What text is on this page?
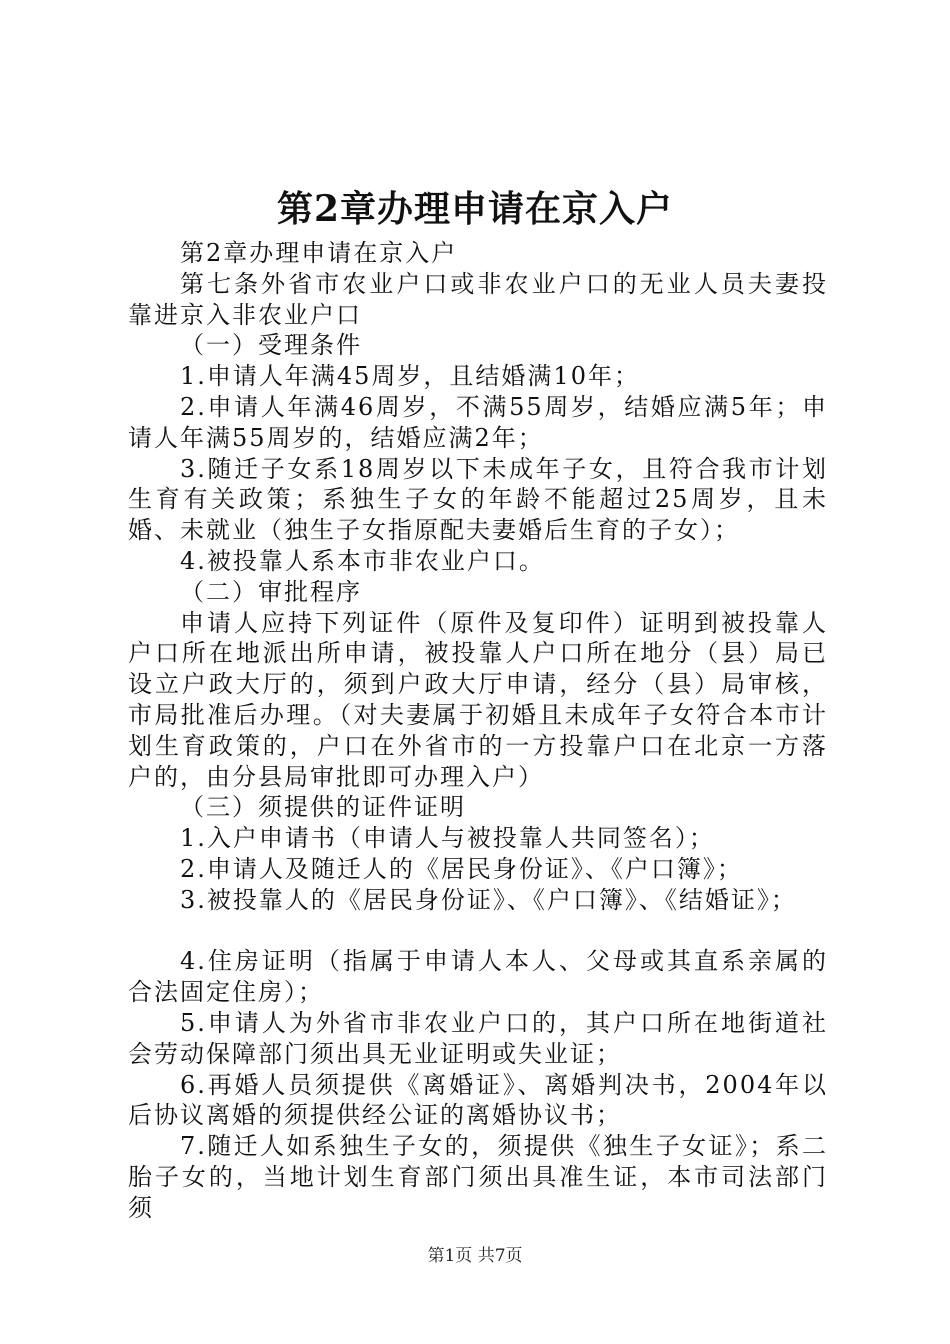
第2章办理申请在京入户

第2章办理申请在京入户

第七条外省市农业户口或非农业户口的无业人员夫妻投靠进京入非农业户口

（一）受理条件

1.申请人年满45周岁，且结婚满10年；

2.申请人年满46周岁，不满55周岁，结婚应满5年；申请人年满55周岁的，结婚应满2年；

3.随迁子女系18周岁以下未成年子女，且符合我市计划生育有关政策；系独生子女的年龄不能超过25周岁，且未婚、未就业（独生子女指原配夫妻婚后生育的子女）；

4.被投靠人系本市非农业户口。

（二）审批程序

申请人应持下列证件（原件及复印件）证明到被投靠人户口所在地派出所申请，被投靠人户口所在地分（县）局已设立户政大厅的，须到户政大厅申请，经分（县）局审核，市局批准后办理。（对夫妻属于初婚且未成年子女符合本市计划生育政策的，户口在外省市的一方投靠户口在北京一方落户的，由分县局审批即可办理入户）

（三）须提供的证件证明

1.入户申请书（申请人与被投靠人共同签名）；

2.申请人及随迁人的《居民身份证》、《户口簿》；

3.被投靠人的《居民身份证》、《户口簿》、《结婚证》；

4.住房证明（指属于申请人本人、父母或其直系亲属的合法固定住房）；

5.申请人为外省市非农业户口的，其户口所在地街道社会劳动保障部门须出具无业证明或失业证；

6.再婚人员须提供《离婚证》、离婚判决书，2004年以后协议离婚的须提供经公证的离婚协议书；

7.随迁人如系独生子女的，须提供《独生子女证》；系二胎子女的，当地计划生育部门须出具准生证，本市司法部门须

第1页 共7页
